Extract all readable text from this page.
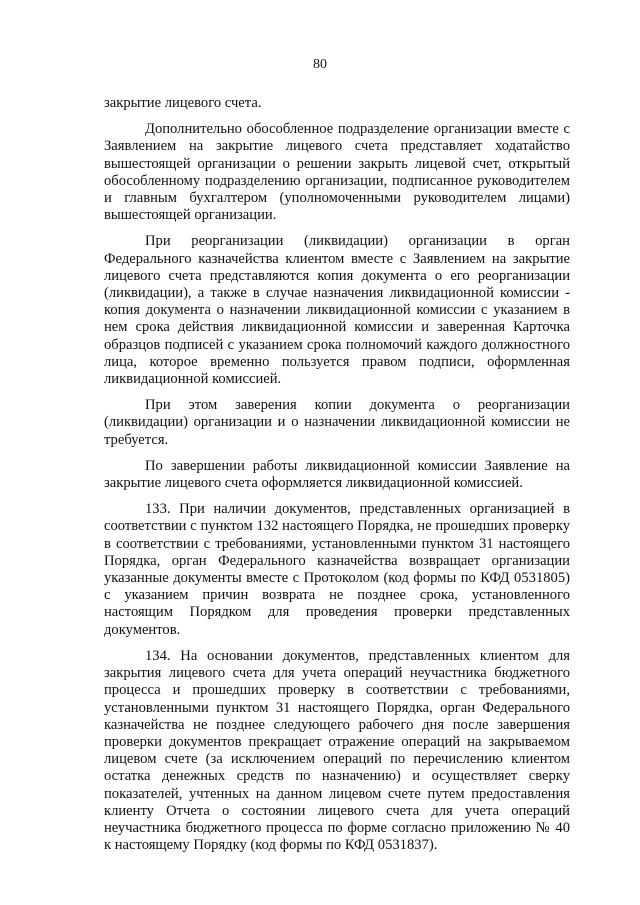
80

закрытие лицевого счета.

Дополнительно обособленное подразделение организации вместе с Заявлением на закрытие лицевого счета представляет ходатайство вышестоящей организации о решении закрыть лицевой счет, открытый обособленному подразделению организации, подписанное руководителем и главным бухгалтером (уполномоченными руководителем лицами) вышестоящей организации.

При реорганизации (ликвидации) организации в орган Федерального казначейства клиентом вместе с Заявлением на закрытие лицевого счета представляются копия документа о его реорганизации (ликвидации), а также в случае назначения ликвидационной комиссии - копия документа о назначении ликвидационной комиссии с указанием в нем срока действия ликвидационной комиссии и заверенная Карточка образцов подписей с указанием срока полномочий каждого должностного лица, которое временно пользуется правом подписи, оформленная ликвидационной комиссией.

При этом заверения копии документа о реорганизации (ликвидации) организации и о назначении ликвидационной комиссии не требуется.

По завершении работы ликвидационной комиссии Заявление на закрытие лицевого счета оформляется ликвидационной комиссией.

133. При наличии документов, представленных организацией в соответствии с пунктом 132 настоящего Порядка, не прошедших проверку в соответствии с требованиями, установленными пунктом 31 настоящего Порядка, орган Федерального казначейства возвращает организации указанные документы вместе с Протоколом (код формы по КФД 0531805) с указанием причин возврата не позднее срока, установленного настоящим Порядком для проведения проверки представленных документов.

134. На основании документов, представленных клиентом для закрытия лицевого счета для учета операций неучастника бюджетного процесса и прошедших проверку в соответствии с требованиями, установленными пунктом 31 настоящего Порядка, орган Федерального казначейства не позднее следующего рабочего дня после завершения проверки документов прекращает отражение операций на закрываемом лицевом счете (за исключением операций по перечислению клиентом остатка денежных средств по назначению) и осуществляет сверку показателей, учтенных на данном лицевом счете путем предоставления клиенту Отчета о состоянии лицевого счета для учета операций неучастника бюджетного процесса по форме согласно приложению № 40 к настоящему Порядку (код формы по КФД 0531837).
